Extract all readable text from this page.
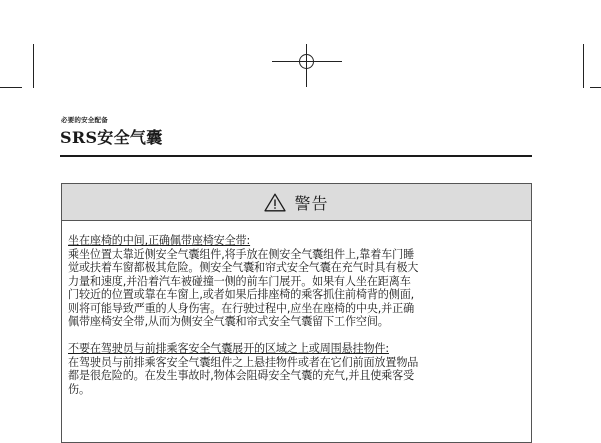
必要的安全配备
SRS安全气囊
警告
坐在座椅的中间,正确佩带座椅安全带:
乘坐位置太靠近侧安全气囊组件,将手放在侧安全气囊组件上,靠着车门睡
觉或扶着车窗都极其危险。侧安全气囊和帘式安全气囊在充气时具有极大
力量和速度,并沿着汽车被碰撞一侧的前车门展开。如果有人坐在距离车
门较近的位置或靠在车窗上,或者如果后排座椅的乘客抓住前椅背的侧面,
则将可能导致严重的人身伤害。在行驶过程中,应坐在座椅的中央,并正确
佩带座椅安全带,从而为侧安全气囊和帘式安全气囊留下工作空间。
不要在驾驶员与前排乘客安全气囊展开的区域之上或周围悬挂物件:
在驾驶员与前排乘客安全气囊组件之上悬挂物件或者在它们前面放置物品
都是很危险的。在发生事故时,物体会阻碍安全气囊的充气,并且使乘客受
伤。
